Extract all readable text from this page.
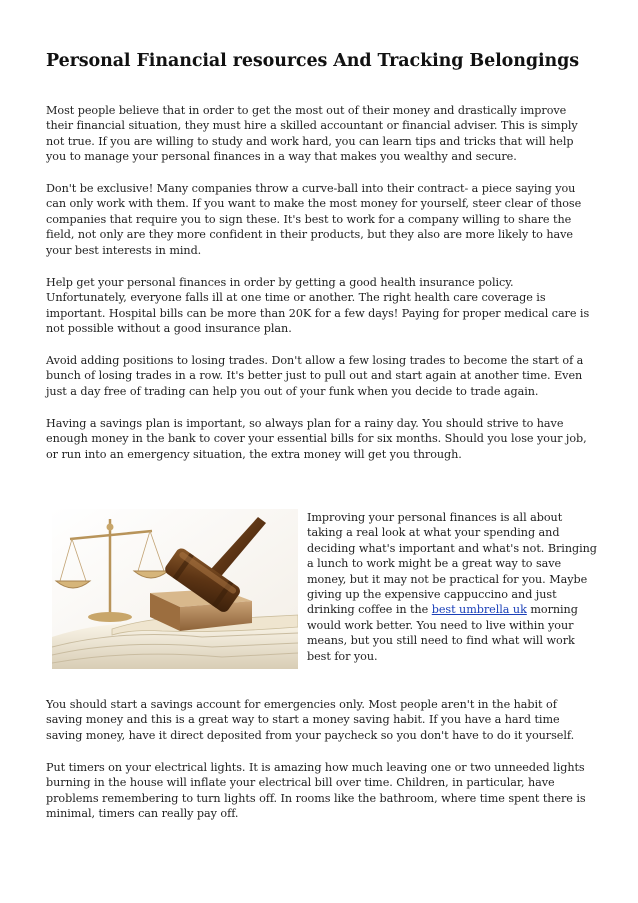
Personal Financial resources And Tracking Belongings

Most people believe that in order to get the most out of their money and drastically improve their financial situation, they must hire a skilled accountant or financial adviser. This is simply not true. If you are willing to study and work hard, you can learn tips and tricks that will help you to manage your personal finances in a way that makes you wealthy and secure.

Don't be exclusive! Many companies throw a curve-ball into their contract- a piece saying you can only work with them. If you want to make the most money for yourself, steer clear of those companies that require you to sign these. It's best to work for a company willing to share the field, not only are they more confident in their products, but they also are more likely to have your best interests in mind.

Help get your personal finances in order by getting a good health insurance policy. Unfortunately, everyone falls ill at one time or another. The right health care coverage is important. Hospital bills can be more than 20K for a few days! Paying for proper medical care is not possible without a good insurance plan.

Avoid adding positions to losing trades. Don't allow a few losing trades to become the start of a bunch of losing trades in a row. It's better just to pull out and start again at another time. Even just a day free of trading can help you out of your funk when you decide to trade again.

Having a savings plan is important, so always plan for a rainy day. You should strive to have enough money in the bank to cover your essential bills for six months. Should you lose your job, or run into an emergency situation, the extra money will get you through.

Improving your personal finances is all about taking a real look at what your spending and deciding what's important and what's not. Bringing a lunch to work might be a great way to save money, but it may not be practical for you. Maybe giving up the expensive cappuccino and just drinking coffee in the best umbrella uk morning would work better. You need to live within your means, but you still need to find what will work best for you.

You should start a savings account for emergencies only. Most people aren't in the habit of saving money and this is a great way to start a money saving habit. If you have a hard time saving money, have it direct deposited from your paycheck so you don't have to do it yourself.

Put timers on your electrical lights. It is amazing how much leaving one or two unneeded lights burning in the house will inflate your electrical bill over time. Children, in particular, have problems remembering to turn lights off. In rooms like the bathroom, where time spent there is minimal, timers can really pay off.
